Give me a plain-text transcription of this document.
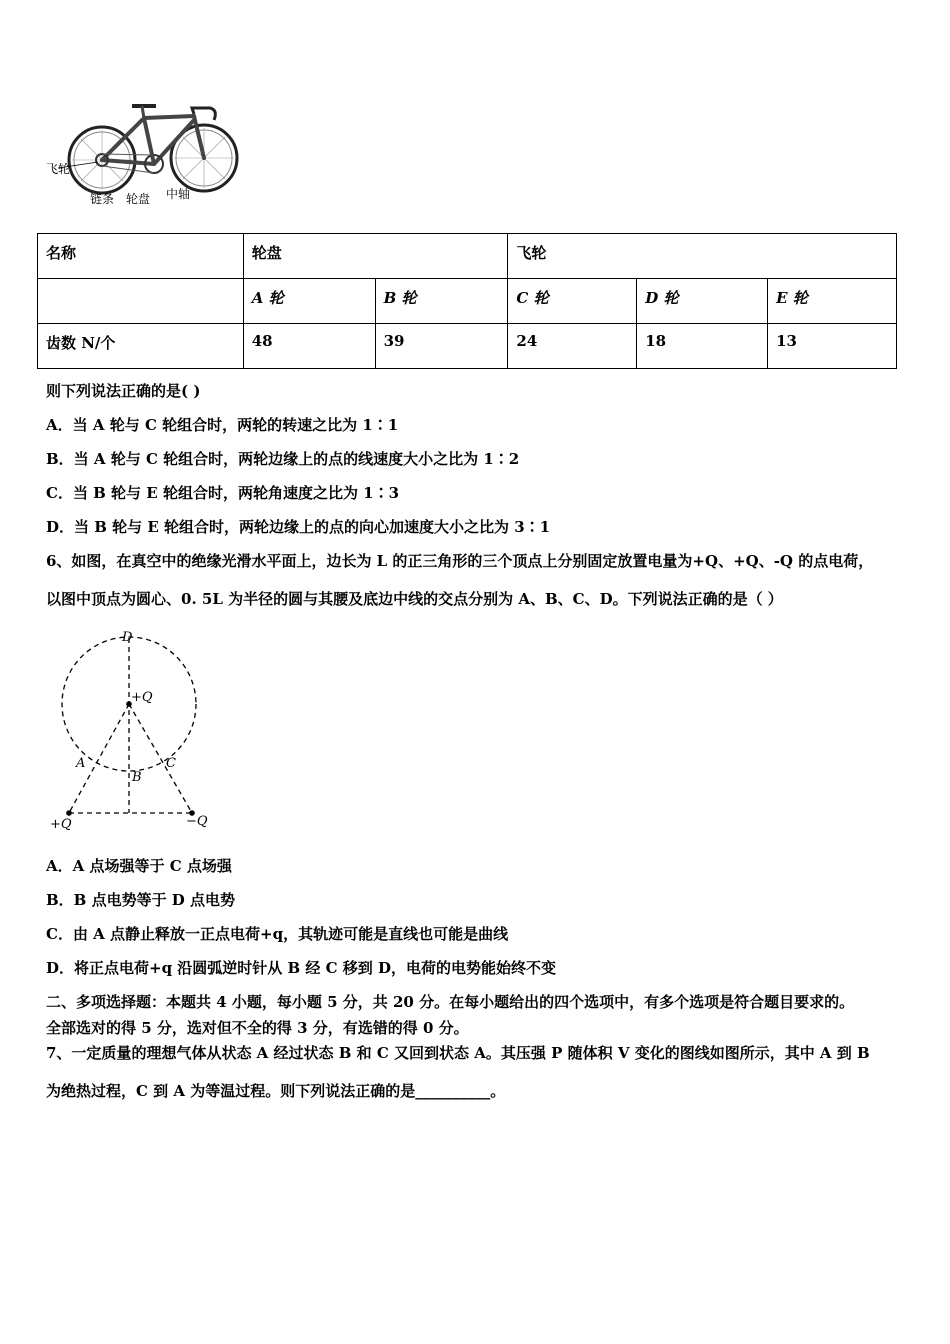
飞轮
链条 轮盘 中轴
名称	轮盘		飞轮		
	A 轮	B 轮	C 轮	D 轮	E 轮
齿数 N/个	48	39	24	18	13
则下列说法正确的是( )
A．当 A 轮与 C 轮组合时，两轮的转速之比为 1∶1
B．当 A 轮与 C 轮组合时，两轮边缘上的点的线速度大小之比为 1∶2
C．当 B 轮与 E 轮组合时，两轮角速度之比为 1∶3
D．当 B 轮与 E 轮组合时，两轮边缘上的点的向心加速度大小之比为 3∶1
6、如图，在真空中的绝缘光滑水平面上，边长为 L 的正三角形的三个顶点上分别固定放置电量为+Q、+Q、-Q 的点电荷，
以图中顶点为圆心、0. 5L 为半径的圆与其腰及底边中线的交点分别为 A、B、C、D。下列说法正确的是（ ）
D
+Q
A
B
C
+Q	−Q
A．A 点场强等于 C 点场强
B．B 点电势等于 D 点电势
C．由 A 点静止释放一正点电荷+q，其轨迹可能是直线也可能是曲线
D．将正点电荷+q 沿圆弧逆时针从 B 经 C 移到 D，电荷的电势能始终不变
二、多项选择题：本题共 4 小题，每小题 5 分，共 20 分。在每小题给出的四个选项中，有多个选项是符合题目要求的。
全部选对的得 5 分，选对但不全的得 3 分，有选错的得 0 分。
7、一定质量的理想气体从状态 A 经过状态 B 和 C 又回到状态 A。其压强 P 随体积 V 变化的图线如图所示，其中 A 到 B
为绝热过程，C 到 A 为等温过程。则下列说法正确的是__________。
